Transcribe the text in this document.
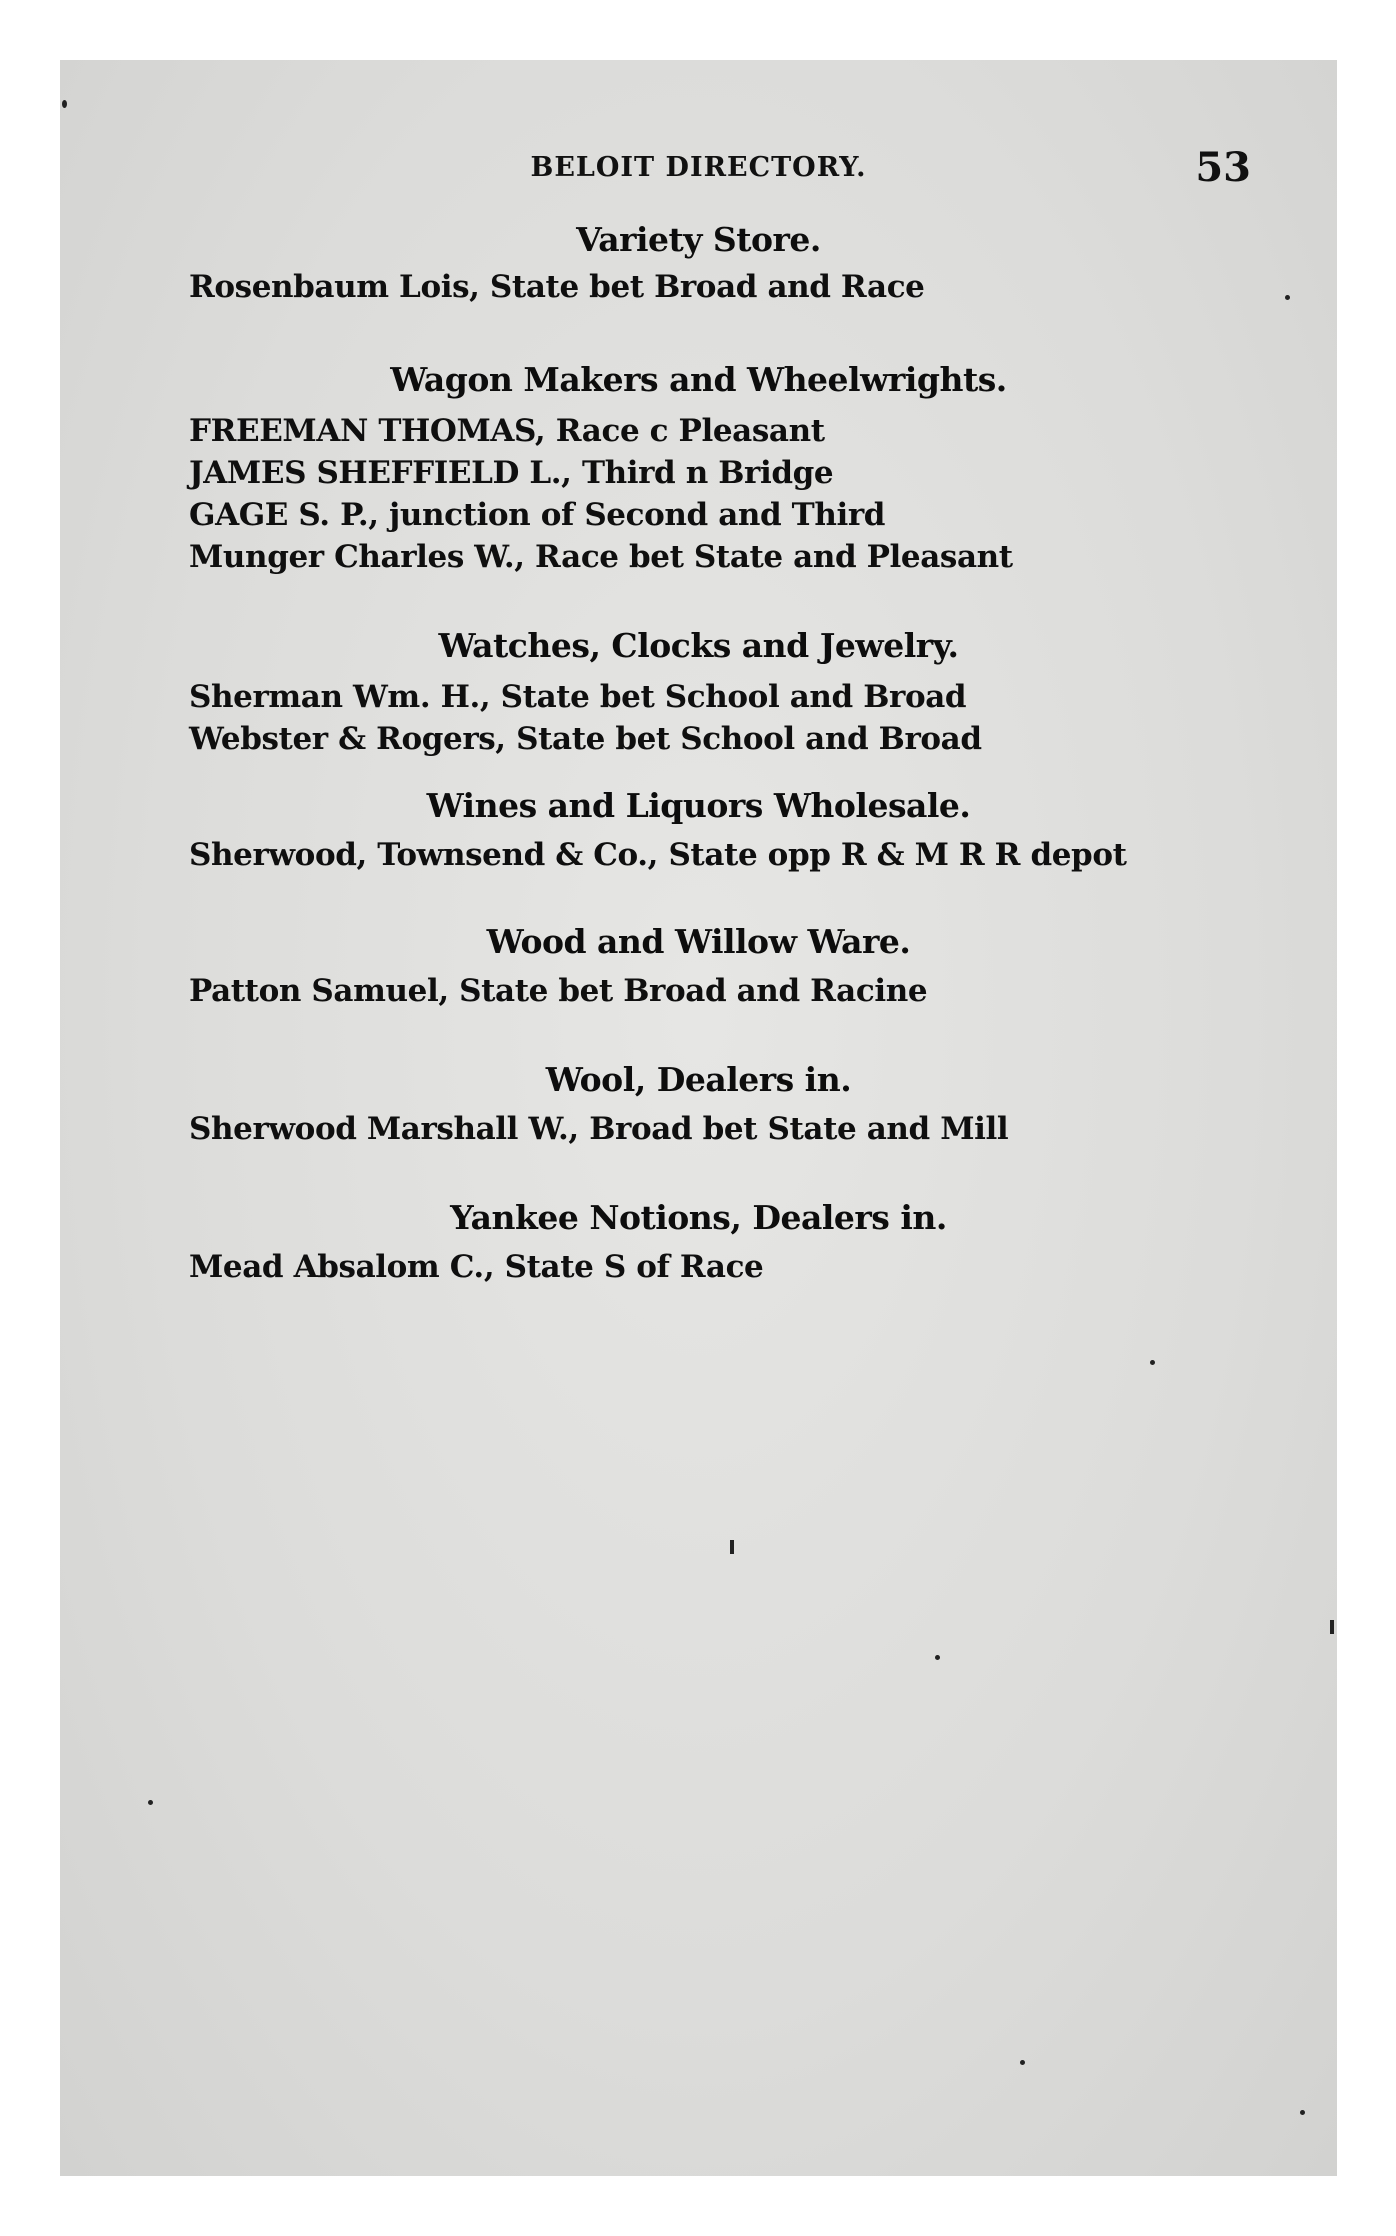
BELOIT DIRECTORY.	53
Variety Store.
Rosenbaum Lois, State bet Broad and Race
Wagon Makers and Wheelwrights.
FREEMAN THOMAS, Race c Pleasant
JAMES SHEFFIELD L., Third n Bridge
GAGE S. P., junction of Second and Third
Munger Charles W., Race bet State and Pleasant
Watches, Clocks and Jewelry.
Sherman Wm. H., State bet School and Broad
Webster & Rogers, State bet School and Broad
Wines and Liquors Wholesale.
Sherwood, Townsend & Co., State opp R & M R R depot
Wood and Willow Ware.
Patton Samuel, State bet Broad and Racine
Wool, Dealers in.
Sherwood Marshall W., Broad bet State and Mill
Yankee Notions, Dealers in.
Mead Absalom C., State S of Race
